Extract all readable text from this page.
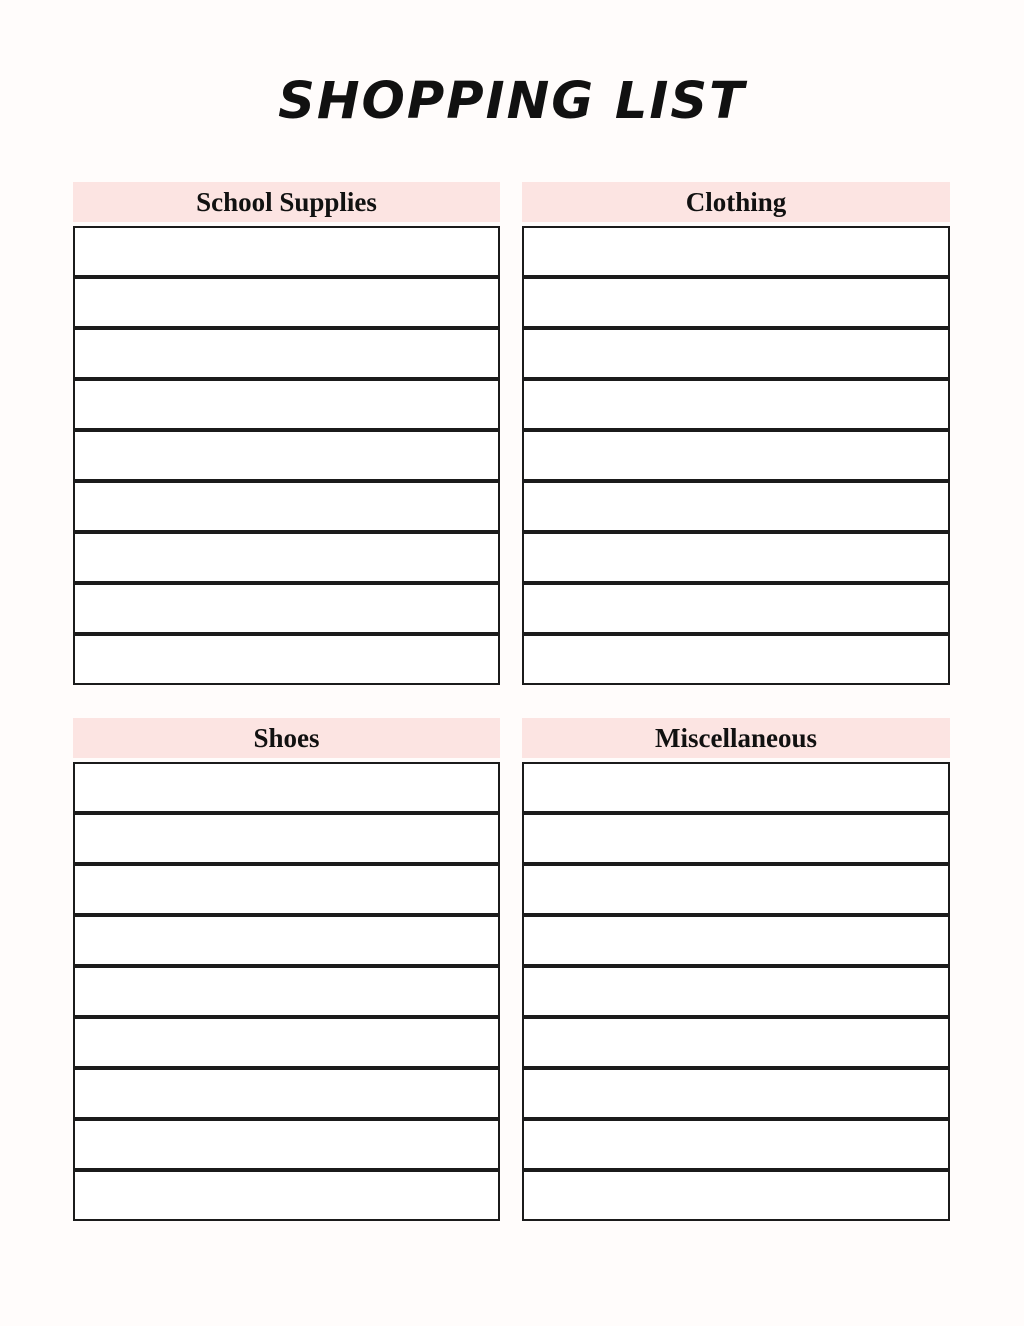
SHOPPING LIST
School Supplies	Clothing
Shoes	Miscellaneous
